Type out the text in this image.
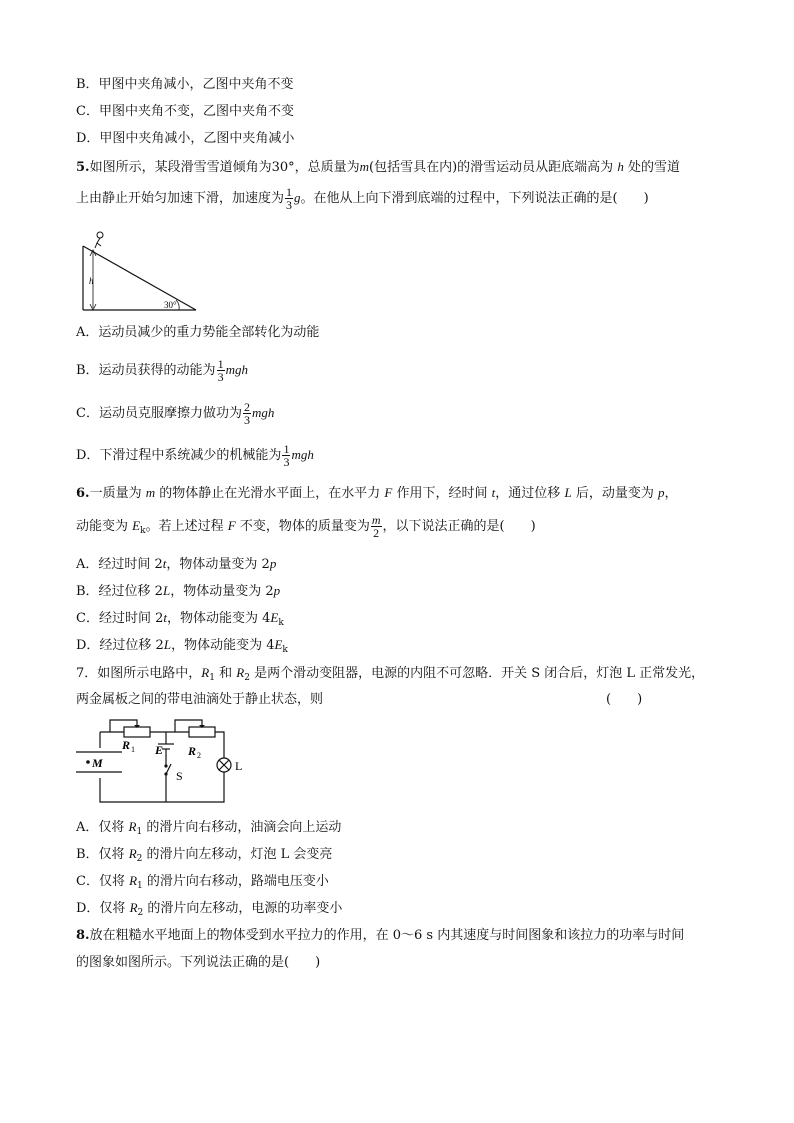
B．甲图中夹角减小，乙图中夹角不变
C．甲图中夹角不变，乙图中夹角不变
D．甲图中夹角减小，乙图中夹角减小
5.如图所示，某段滑雪雪道倾角为30°，总质量为m(包括雪具在内)的滑雪运动员从距底端高为 h 处的雪道
上由静止开始匀加速下滑，加速度为 $\frac{1}{3}$ g。在他从上向下滑到底端的过程中，下列说法正确的是(　　)
h
30°
A．运动员减少的重力势能全部转化为动能
B．运动员获得的动能为 $\frac{1}{3}$ mgh
C．运动员克服摩擦力做功为 $\frac{2}{3}$ mgh
D．下滑过程中系统减少的机械能为 $\frac{1}{3}$ mgh
6.一质量为 m 的物体静止在光滑水平面上，在水平力 F 作用下，经时间 t，通过位移 L 后，动量变为 p，
动能变为 $E_k$。若上述过程 F 不变，物体的质量变为 $\frac{m}{2}$ ，以下说法正确的是(　　)
A．经过时间 2t，物体动量变为 2p
B．经过位移 2L，物体动量变为 2p
C．经过时间 2t，物体动能变为 $4E_k$
D．经过位移 2L，物体动能变为 $4E_k$
7．如图所示电路中，$R_1$ 和 $R_2$ 是两个滑动变阻器，电源的内阻不可忽略．开关 S 闭合后，灯泡 L 正常发光，
两金属板之间的带电油滴处于静止状态，则	(　　)
R 1	R 2
E
M
S
L
A．仅将 $R_1$ 的滑片向右移动，油滴会向上运动
B．仅将 $R_2$ 的滑片向左移动，灯泡 L 会变亮
C．仅将 $R_1$ 的滑片向右移动，路端电压变小
D．仅将 $R_2$ 的滑片向左移动，电源的功率变小
8.放在粗糙水平地面上的物体受到水平拉力的作用，在 0～6 s 内其速度与时间图象和该拉力的功率与时间
的图象如图所示。下列说法正确的是(　　)
